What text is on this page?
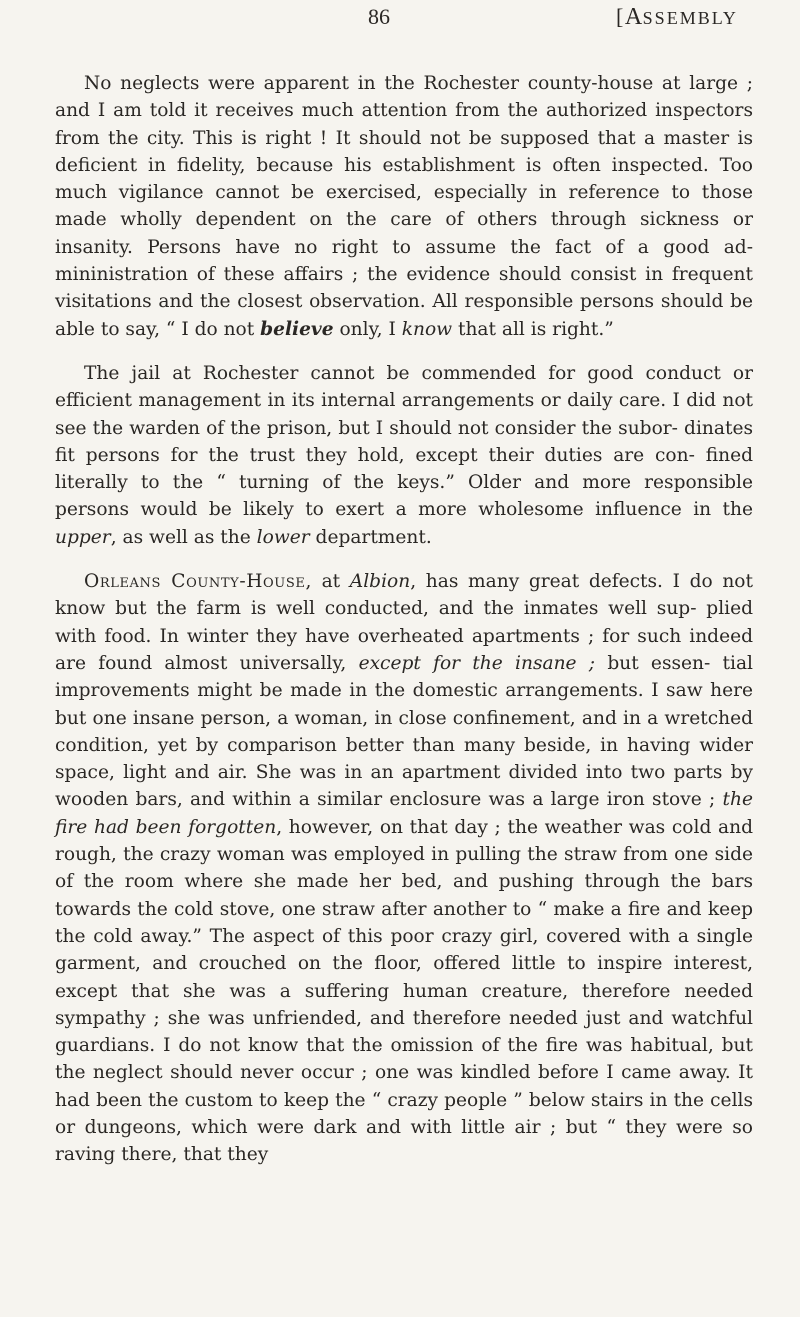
86	[ASSEMBLY

No neglects were apparent in the Rochester county-house at large ; and I am told it receives much attention from the authorized inspectors from the city. This is right ! It should not be supposed that a master is deficient in fidelity, because his establishment is often inspected. Too much vigilance cannot be exercised, especially in reference to those made wholly dependent on the care of others through sickness or insanity. Persons have no right to assume the fact of a good ad- mininistration of these affairs ; the evidence should consist in frequent visitations and the closest observation. All responsible persons should be able to say, “ I do not believe only, I know that all is right.”

The jail at Rochester cannot be commended for good conduct or efficient management in its internal arrangements or daily care. I did not see the warden of the prison, but I should not consider the subor- dinates fit persons for the trust they hold, except their duties are con- fined literally to the “ turning of the keys.” Older and more responsible persons would be likely to exert a more wholesome influence in the upper, as well as the lower department.

Orleans County-House, at Albion, has many great defects. I do not know but the farm is well conducted, and the inmates well sup- plied with food. In winter they have overheated apartments ; for such indeed are found almost universally, except for the insane ; but essen- tial improvements might be made in the domestic arrangements. I saw here but one insane person, a woman, in close confinement, and in a wretched condition, yet by comparison better than many beside, in having wider space, light and air. She was in an apartment divided into two parts by wooden bars, and within a similar enclosure was a large iron stove ; the fire had been forgotten, however, on that day ; the weather was cold and rough, the crazy woman was employed in pulling the straw from one side of the room where she made her bed, and pushing through the bars towards the cold stove, one straw after another to “ make a fire and keep the cold away.” The aspect of this poor crazy girl, covered with a single garment, and crouched on the floor, offered little to inspire interest, except that she was a suffering human creature, therefore needed sympathy ; she was unfriended, and therefore needed just and watchful guardians. I do not know that the omission of the fire was habitual, but the neglect should never occur ; one was kindled before I came away. It had been the custom to keep the “ crazy people ” below stairs in the cells or dungeons, which were dark and with little air ; but “ they were so raving there, that they
